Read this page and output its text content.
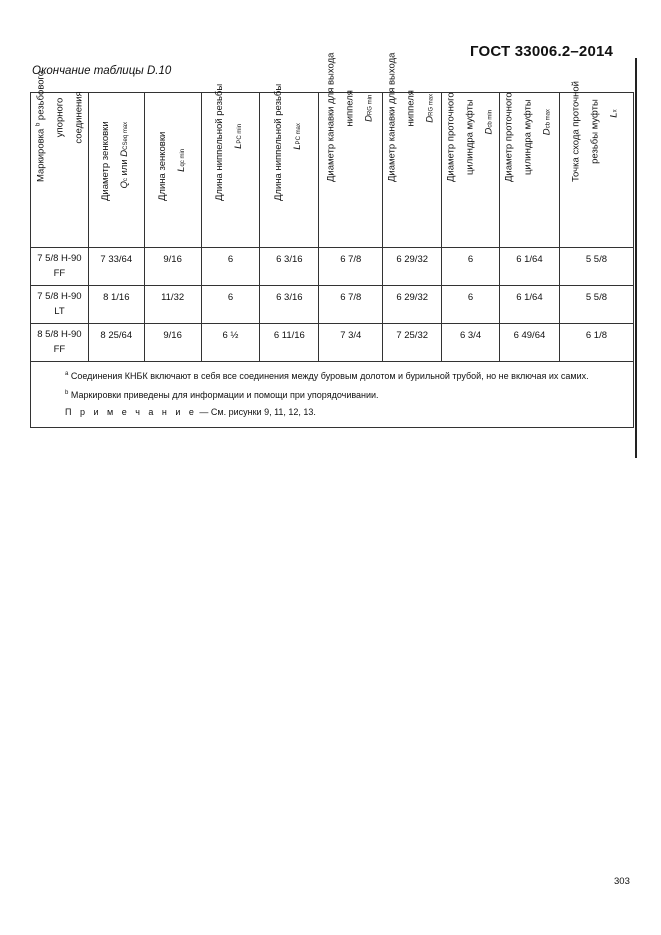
ГОСТ 33006.2–2014
Окончание таблицы D.10
Маркировка $^b$ резьбового упорного соединения	Диаметр зенковки Qc или DCSeq max	Длина зенковки Lqc min	Длина ниппельной резьбы LPC min	Длина ниппельной резьбы LPC max	Диаметр канавки для выхода ниппеля DRG min	Диаметр канавки для выхода ниппеля DRG max	Диаметр проточного цилиндра муфты Dcb min	Диаметр проточного цилиндра муфты Dcb max	Точка схода проточной резьбы муфты Lx

7 5/8 Н-90 FF	7 33/64	9/16	6	6 3/16	6 7/8	6 29/32	6	6 1/64	5 5/8
7 5/8 Н-90 LT	8 1/16	11/32	6	6 3/16	6 7/8	6 29/32	6	6 1/64	5 5/8
8 5/8 Н-90 FF	8 25/64	9/16	6 ½	6 11/16	7 3/4	7 25/32	6 3/4	6 49/64	6 1/8

$^a$ Соединения КНБК включают в себя все соединения между буровым долотом и бурильной трубой, но не включая их самих.
$^b$ Маркировки приведены для информации и помощи при упорядочивании.
П р и м е ч а н и е — См. рисунки 9, 11, 12, 13.									
303
